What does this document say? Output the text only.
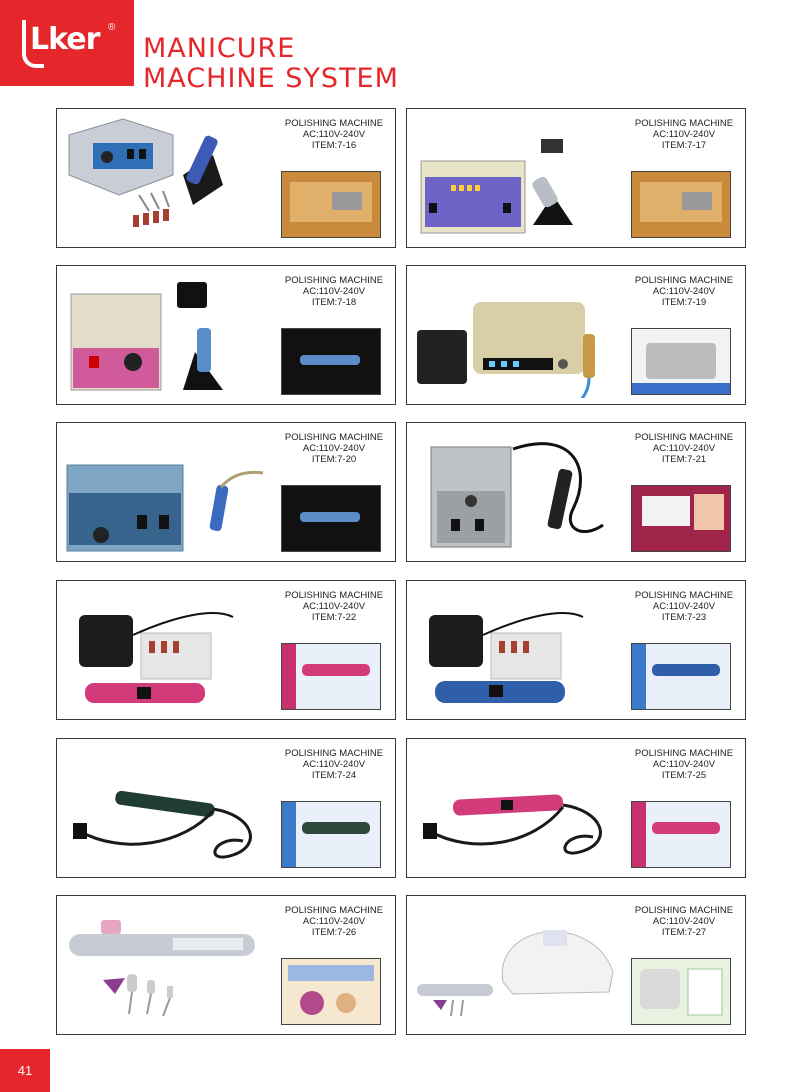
Lker ®
MANICURE
MACHINE SYSTEM
POLISHING MACHINE
AC:110V-240V
ITEM:7-16
POLISHING MACHINE
AC:110V-240V
ITEM:7-17
POLISHING MACHINE
AC:110V-240V
ITEM:7-18
POLISHING MACHINE
AC:110V-240V
ITEM:7-19
POLISHING MACHINE
AC:110V-240V
ITEM:7-20
POLISHING MACHINE
AC:110V-240V
ITEM:7-21
POLISHING MACHINE
AC:110V-240V
ITEM:7-22
POLISHING MACHINE
AC:110V-240V
ITEM:7-23
POLISHING MACHINE
AC:110V-240V
ITEM:7-24
POLISHING MACHINE
AC:110V-240V
ITEM:7-25
POLISHING MACHINE
AC:110V-240V
ITEM:7-26
POLISHING MACHINE
AC:110V-240V
ITEM:7-27
41
